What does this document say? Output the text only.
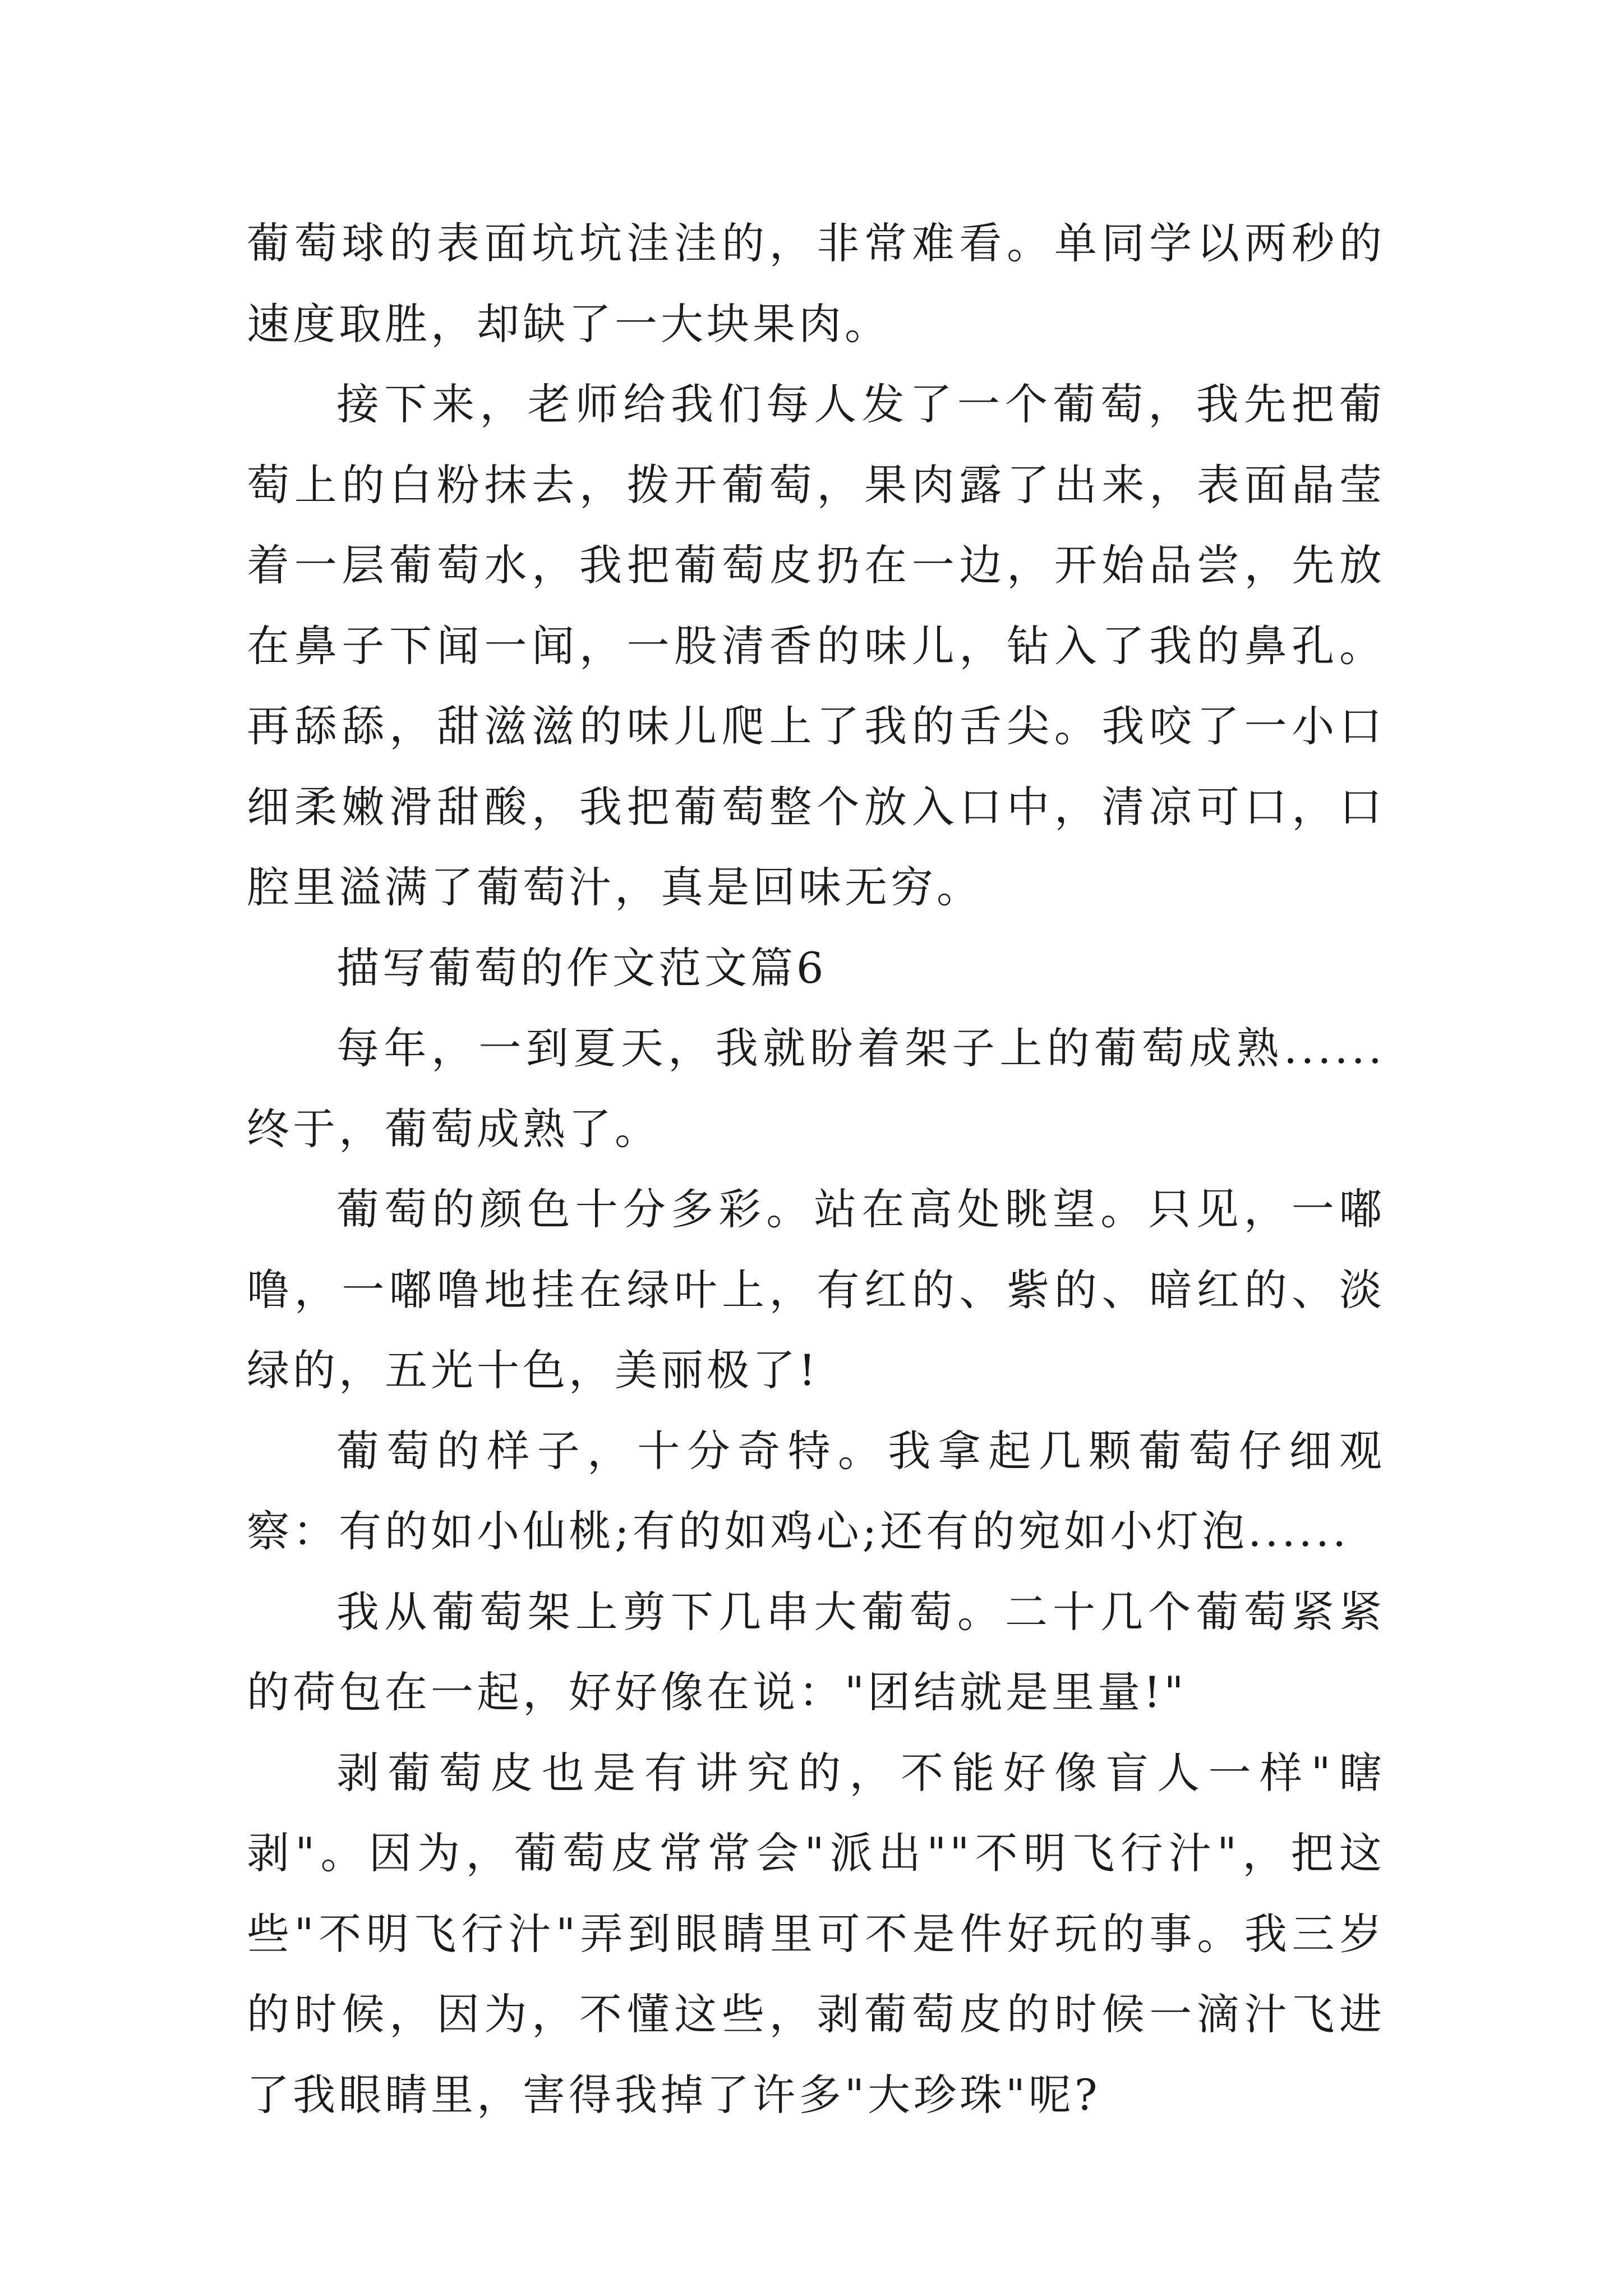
葡萄球的表面坑坑洼洼的，非常难看。单同学以两秒的速度取胜，却缺了一大块果肉。

接下来，老师给我们每人发了一个葡萄，我先把葡萄上的白粉抹去，拨开葡萄，果肉露了出来，表面晶莹着一层葡萄水，我把葡萄皮扔在一边，开始品尝，先放在鼻子下闻一闻，一股清香的味儿，钻入了我的鼻孔。再舔舔，甜滋滋的味儿爬上了我的舌尖。我咬了一小口细柔嫩滑甜酸，我把葡萄整个放入口中，清凉可口，口腔里溢满了葡萄汁，真是回味无穷。

描写葡萄的作文范文篇6

每年，一到夏天，我就盼着架子上的葡萄成熟......终于，葡萄成熟了。

葡萄的颜色十分多彩。站在高处眺望。只见，一嘟噜，一嘟噜地挂在绿叶上，有红的、紫的、暗红的、淡绿的，五光十色，美丽极了!

葡萄的样子，十分奇特。我拿起几颗葡萄仔细观察：有的如小仙桃;有的如鸡心;还有的宛如小灯泡......

我从葡萄架上剪下几串大葡萄。二十几个葡萄紧紧的荷包在一起，好好像在说："团结就是里量!"

剥葡萄皮也是有讲究的，不能好像盲人一样"瞎剥"。因为，葡萄皮常常会"派出""不明飞行汁"，把这些"不明飞行汁"弄到眼睛里可不是件好玩的事。我三岁的时候，因为，不懂这些，剥葡萄皮的时候一滴汁飞进了我眼睛里，害得我掉了许多"大珍珠"呢?
